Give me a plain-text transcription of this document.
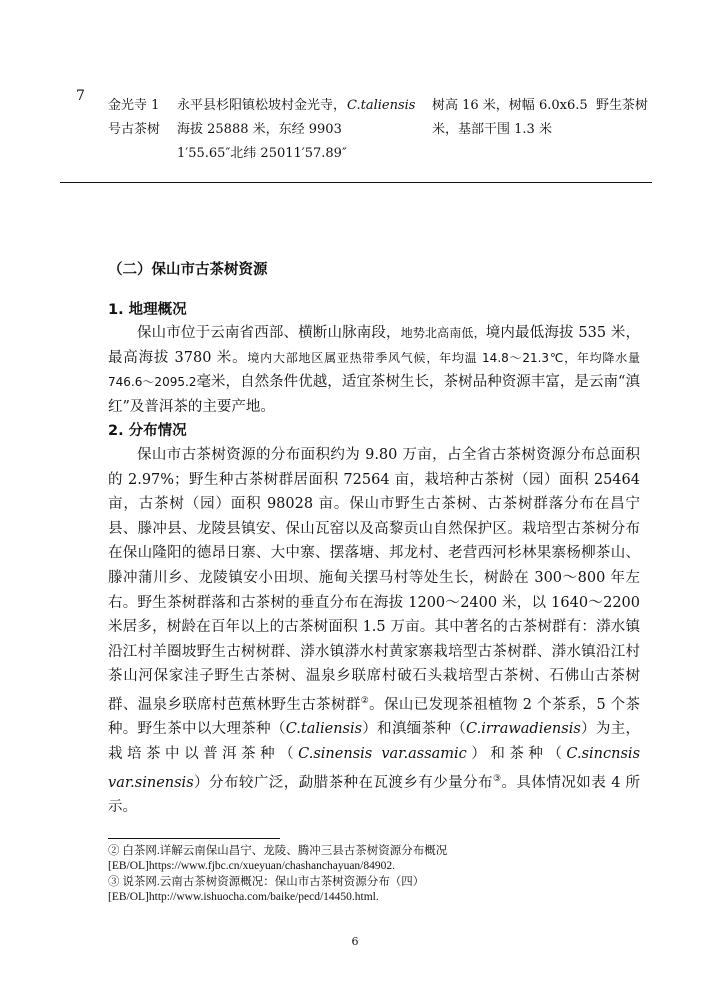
7
金光寺 1 号古茶树
永平县杉阳镇松坡村金光寺，海拔 25888 米，东经 99031′55.65″北纬 25011′57.89″
C.taliensis	树高 16 米，树幅 6.0x6.5 米，基部干围 1.3 米
野生茶树
（二）保山市古茶树资源
1. 地理概况
保山市位于云南省西部、横断山脉南段，地势北高南低，境内最低海拔 535 米，最高海拔 3780 米。境内大部地区属亚热带季风气候，年均温 14.8～21.3℃，年均降水量 746.6～2095.2毫米，自然条件优越，适宜茶树生长，茶树品种资源丰富，是云南“滇红”及普洱茶的主要产地。
2. 分布情况
保山市古茶树资源的分布面积约为 9.80 万亩，占全省古茶树资源分布总面积的 2.97%；野生种古茶树群居面积 72564 亩，栽培种古茶树（园）面积 25464 亩，古茶树（园）面积 98028 亩。保山市野生古茶树、古茶树群落分布在昌宁县、滕冲县、龙陵县镇安、保山瓦窑以及高黎贡山自然保护区。栽培型古茶树分布在保山隆阳的德昂日寨、大中寨、摆落塘、邦龙村、老营西河杉林果寨杨柳茶山、滕冲蒲川乡、龙陵镇安小田坝、施甸关摆马村等处生长，树龄在 300～800 年左右。野生茶树群落和古茶树的垂直分布在海拔 1200～2400 米，以 1640～2200 米居多，树龄在百年以上的古茶树面积 1.5 万亩。其中著名的古茶树群有：漭水镇沿江村羊圈坡野生古树树群、漭水镇漭水村黄家寨栽培型古茶树群、漭水镇沿江村茶山河保家洼子野生古茶树、温泉乡联席村破石头栽培型古茶树、石佛山古茶树群、温泉乡联席村芭蕉林野生古茶树群②。保山已发现茶祖植物 2 个茶系，5 个茶种。野生茶中以大理茶种（C.taliensis）和滇缅茶种（C.irrawadiensis）为主，栽培茶中以普洱茶种（C.sinensis var.assamic）和茶种（C.sincnsis var.sinensis）分布较广泛，勐腊茶种在瓦渡乡有少量分布③。具体情况如表 4 所示。

② 白茶网.详解云南保山昌宁、龙陵、腾冲三县古茶树资源分布概况

[EB/OL]https://www.fjbc.cn/xueyuan/chashanchayuan/84902.

③ 说茶网.云南古茶树资源概况：保山市古茶树资源分布（四）

[EB/OL]http://www.ishuocha.com/baike/pecd/14450.html.

6
